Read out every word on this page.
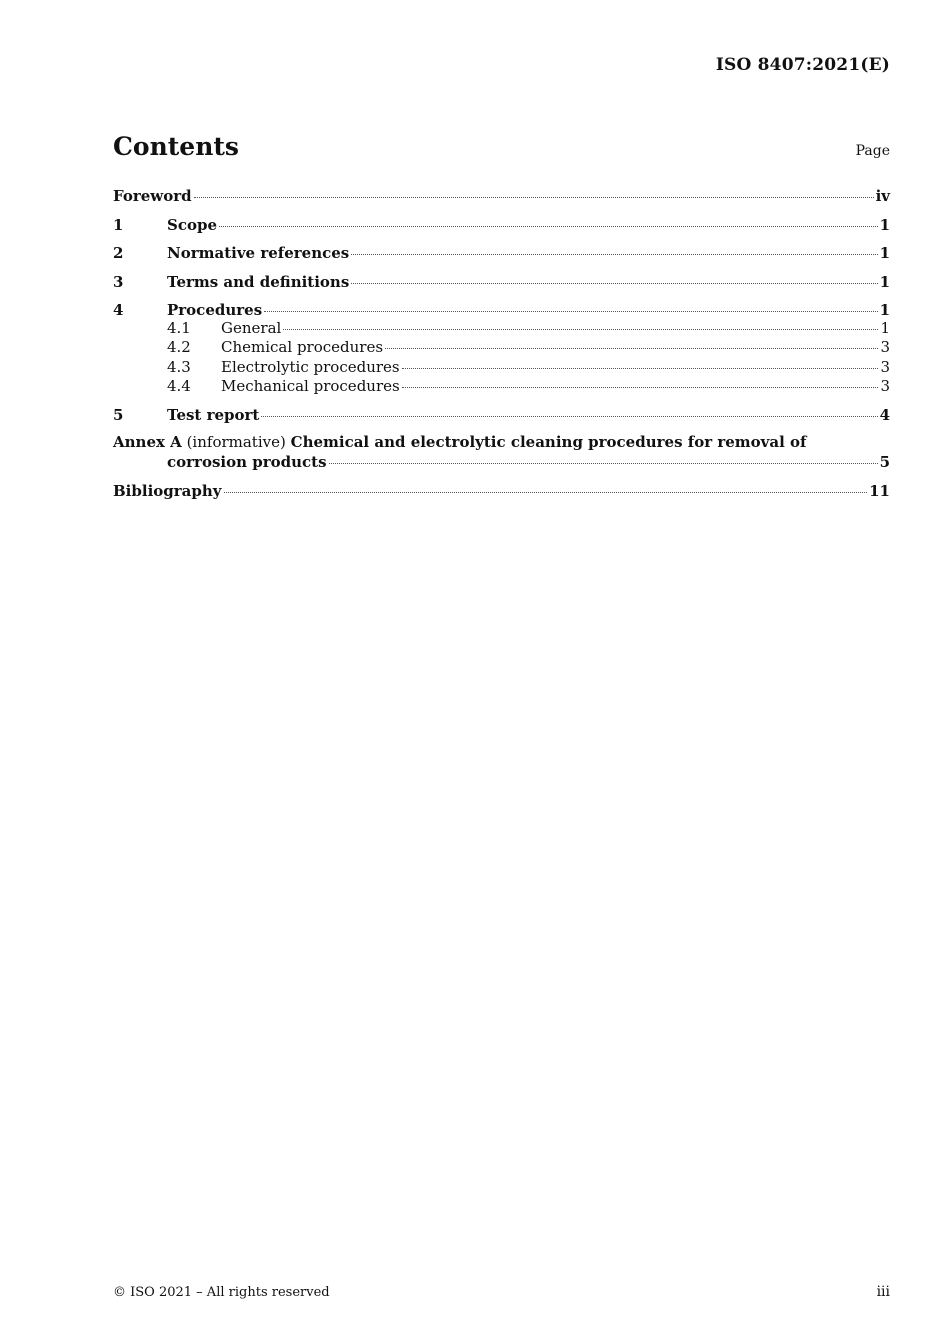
ISO 8407:2021(E)
Contents	Page
Foreword	iv
1	Scope	1
2	Normative references	1
3	Terms and definitions	1
4	Procedures	1
4.1	General	1
4.2	Chemical procedures	3
4.3	Electrolytic procedures	3
4.4	Mechanical procedures	3
5	Test report	4
Annex A (informative) Chemical and electrolytic cleaning procedures for removal of
corrosion products	5
Bibliography	11
© ISO 2021 – All rights reserved	iii
